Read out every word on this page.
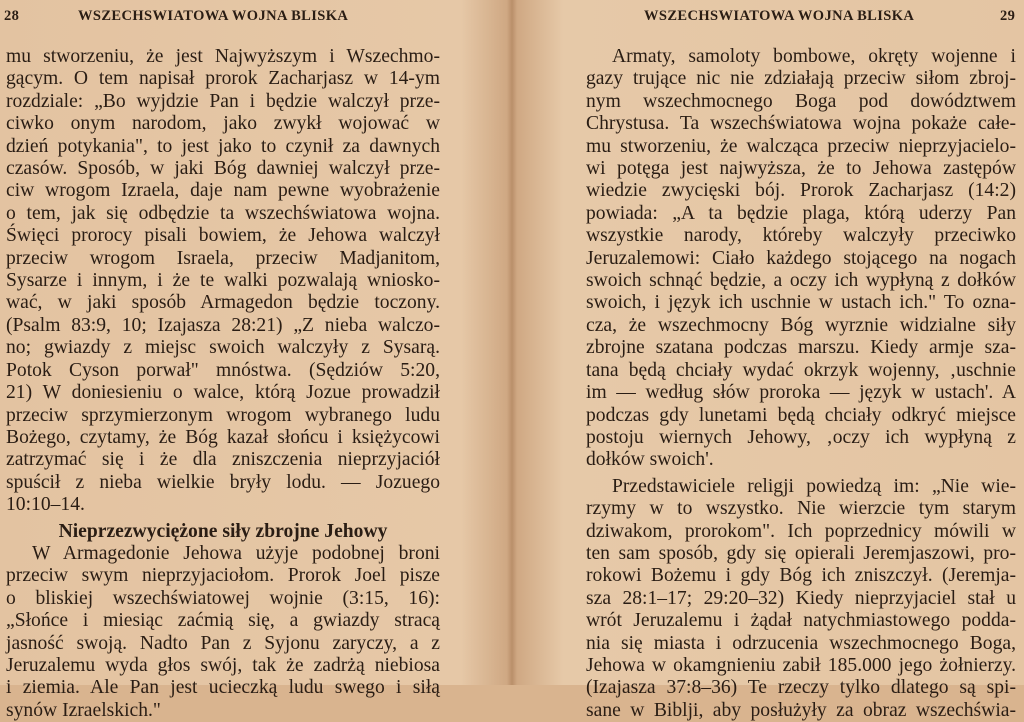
28	WSZECHSWIATOWA WOJNA BLISKA
mu stworzeniu, że jest Najwyższym i Wszechmo-
gącym. O tem napisał prorok Zacharjasz w 14-ym
rozdziale: „Bo wyjdzie Pan i będzie walczył prze-
ciwko onym narodom, jako zwykł wojować w
dzień potykania", to jest jako to czynił za dawnych
czasów. Sposób, w jaki Bóg dawniej walczył prze-
ciw wrogom Izraela, daje nam pewne wyobrażenie
o tem, jak się odbędzie ta wszechświatowa wojna.
Święci prorocy pisali bowiem, że Jehowa walczył
przeciw wrogom Israela, przeciw Madjanitom,
Sysarze i innym, i że te walki pozwalają wniosko-
wać, w jaki sposób Armagedon będzie toczony.
(Psalm 83:9, 10; Izajasza 28:21) „Z nieba walczo-
no; gwiazdy z miejsc swoich walczyły z Sysarą.
Potok Cyson porwał" mnóstwa. (Sędziów 5:20,
21) W doniesieniu o walce, którą Jozue prowadził
przeciw sprzymierzonym wrogom wybranego ludu
Bożego, czytamy, że Bóg kazał słońcu i księżycowi
zatrzymać się i że dla zniszczenia nieprzyjaciół
spuścił z nieba wielkie bryły lodu. — Jozuego
10:10–14.
Nieprzezwyciężone siły zbrojne Jehowy
W Armagedonie Jehowa użyje podobnej broni
przeciw swym nieprzyjaciołom. Prorok Joel pisze
o bliskiej wszechświatowej wojnie (3:15, 16):
„Słońce i miesiąc zaćmią się, a gwiazdy stracą
jasność swoją. Nadto Pan z Syjonu zaryczy, a z
Jeruzalemu wyda głos swój, tak że zadrżą niebiosa
i ziemia. Ale Pan jest ucieczką ludu swego i siłą
synów Izraelskich."
WSZECHSWIATOWA WOJNA BLISKA	29
Armaty, samoloty bombowe, okręty wojenne i
gazy trujące nic nie zdziałają przeciw siłom zbroj-
nym wszechmocnego Boga pod dowództwem
Chrystusa. Ta wszechświatowa wojna pokaże całe-
mu stworzeniu, że walcząca przeciw nieprzyjacielo-
wi potęga jest najwyższa, że to Jehowa zastępów
wiedzie zwycięski bój. Prorok Zacharjasz (14:2)
powiada: „A ta będzie plaga, którą uderzy Pan
wszystkie narody, któreby walczyły przeciwko
Jeruzalemowi: Ciało każdego stojącego na nogach
swoich schnąć będzie, a oczy ich wypłyną z dołków
swoich, i język ich uschnie w ustach ich." To ozna-
cza, że wszechmocny Bóg wyrznie widzialne siły
zbrojne szatana podczas marszu. Kiedy armje sza-
tana będą chciały wydać okrzyk wojenny, ‚uschnie
im — według słów proroka — język w ustach'. A
podczas gdy lunetami będą chciały odkryć miejsce
postoju wiernych Jehowy, ‚oczy ich wypłyną z
dołków swoich'.
Przedstawiciele religji powiedzą im: „Nie wie-
rzymy w to wszystko. Nie wierzcie tym starym
dziwakom, prorokom". Ich poprzednicy mówili w
ten sam sposób, gdy się opierali Jeremjaszowi, pro-
rokowi Bożemu i gdy Bóg ich zniszczył. (Jeremja-
sza 28:1–17; 29:20–32) Kiedy nieprzyjaciel stał u
wrót Jeruzalemu i żądał natychmiastowego podda-
nia się miasta i odrzucenia wszechmocnego Boga,
Jehowa w okamgnieniu zabił 185.000 jego żołnierzy.
(Izajasza 37:8–36) Te rzeczy tylko dlatego są spi-
sane w Biblji, aby posłużyły za obraz wszechświa-
